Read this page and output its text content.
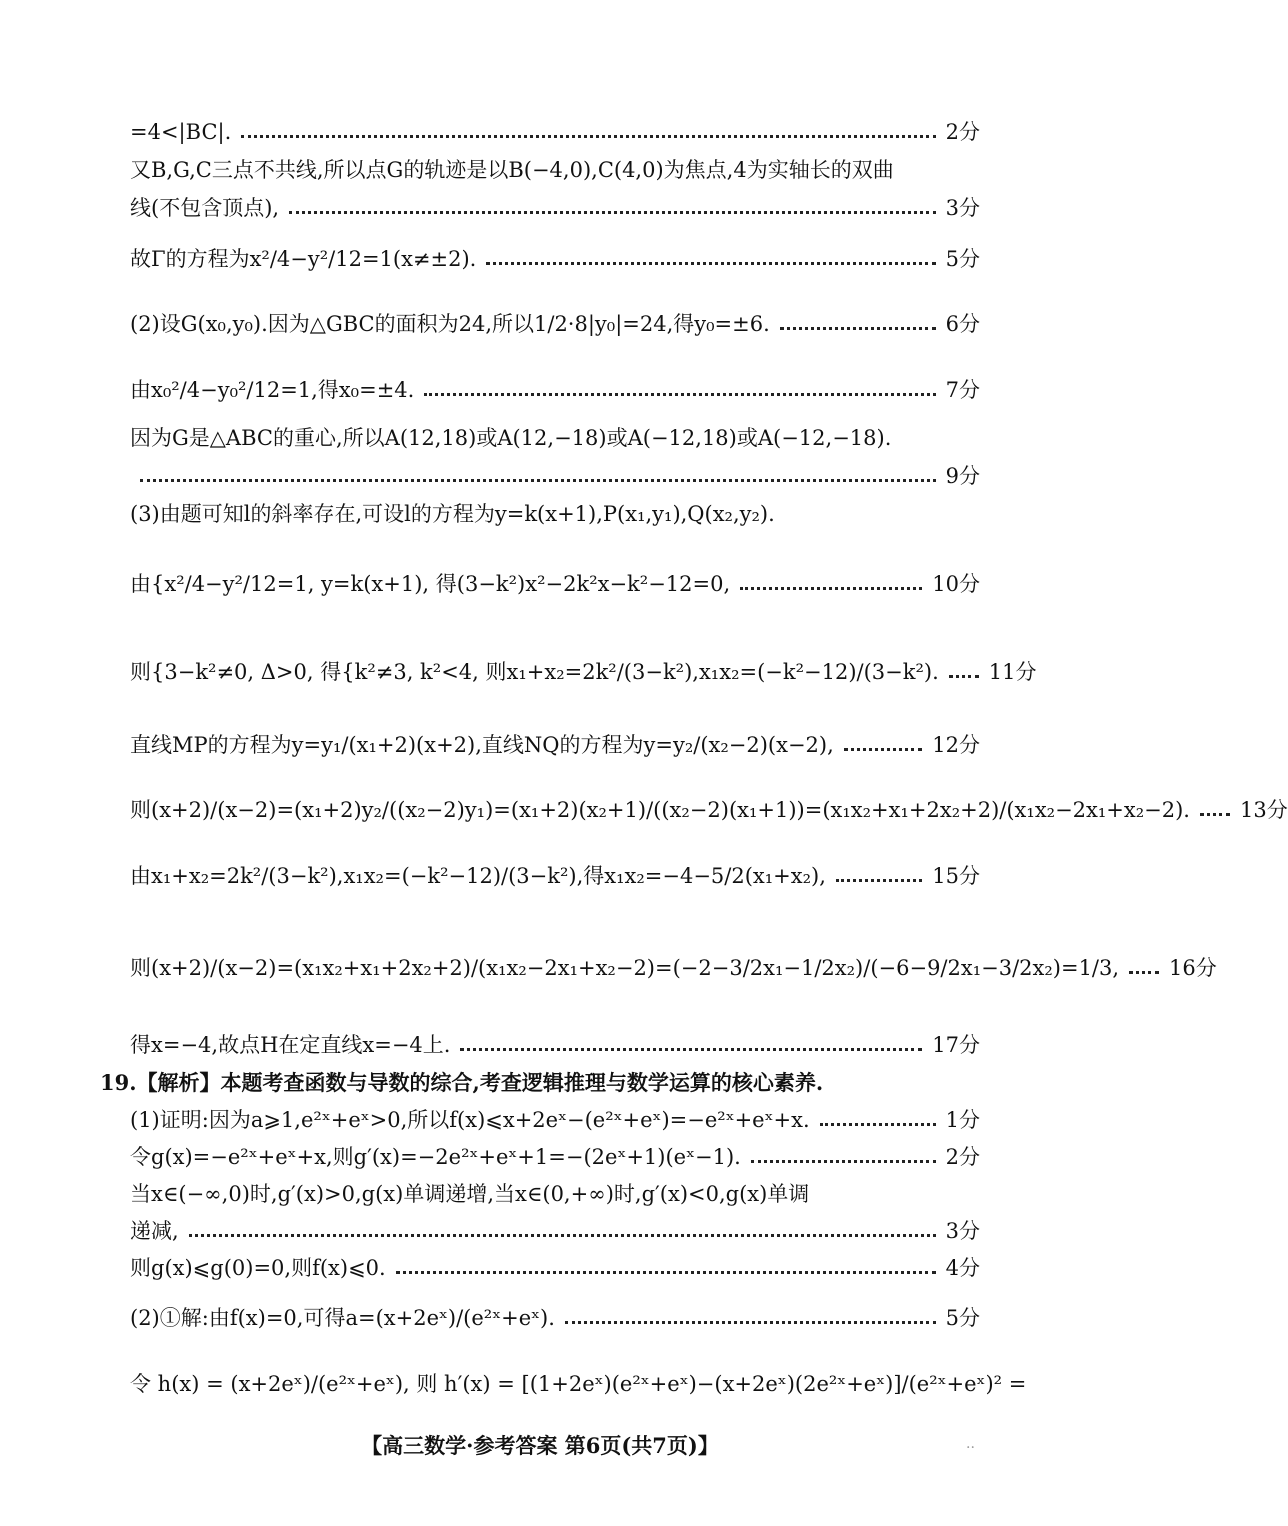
=4<|BC|.	2分
又B,G,C三点不共线,所以点G的轨迹是以B(−4,0),C(4,0)为焦点,4为实轴长的双曲
线(不包含顶点),	3分
故Γ的方程为x²/4−y²/12=1(x≠±2).	5分
(2)设G(x₀,y₀).因为△GBC的面积为24,所以1/2·8|y₀|=24,得y₀=±6.	6分
由x₀²/4−y₀²/12=1,得x₀=±4.	7分
因为G是△ABC的重心,所以A(12,18)或A(12,−18)或A(−12,18)或A(−12,−18).
9分
(3)由题可知l的斜率存在,可设l的方程为y=k(x+1),P(x₁,y₁),Q(x₂,y₂).
由{x²/4−y²/12=1, y=k(x+1), 得(3−k²)x²−2k²x−k²−12=0,	10分
则{3−k²≠0, Δ>0, 得{k²≠3, k²<4, 则x₁+x₂=2k²/(3−k²),x₁x₂=(−k²−12)/(3−k²). 11分
直线MP的方程为y=y₁/(x₁+2)(x+2),直线NQ的方程为y=y₂/(x₂−2)(x−2),	12分
则(x+2)/(x−2)=(x₁+2)y₂/((x₂−2)y₁)=(x₁+2)(x₂+1)/((x₂−2)(x₁+1))=(x₁x₂+x₁+2x₂+2)/(x₁x₂−2x₁+x₂−2). 13分
由x₁+x₂=2k²/(3−k²),x₁x₂=(−k²−12)/(3−k²),得x₁x₂=−4−5/2(x₁+x₂),	15分
则(x+2)/(x−2)=(x₁x₂+x₁+2x₂+2)/(x₁x₂−2x₁+x₂−2)=(−2−3/2x₁−1/2x₂)/(−6−9/2x₁−3/2x₂)=1/3, 16分
得x=−4,故点H在定直线x=−4上.	17分
19.【解析】本题考查函数与导数的综合,考查逻辑推理与数学运算的核心素养.
(1)证明:因为a⩾1,e²ˣ+eˣ>0,所以f(x)⩽x+2eˣ−(e²ˣ+eˣ)=−e²ˣ+eˣ+x.	1分
令g(x)=−e²ˣ+eˣ+x,则g′(x)=−2e²ˣ+eˣ+1=−(2eˣ+1)(eˣ−1).	2分
当x∈(−∞,0)时,g′(x)>0,g(x)单调递增,当x∈(0,+∞)时,g′(x)<0,g(x)单调
递减,	3分
则g(x)⩽g(0)=0,则f(x)⩽0.	4分
(2)①解:由f(x)=0,可得a=(x+2eˣ)/(e²ˣ+eˣ).	5分
令 h(x) = (x+2eˣ)/(e²ˣ+eˣ), 则 h′(x) = [(1+2eˣ)(e²ˣ+eˣ)−(x+2eˣ)(2e²ˣ+eˣ)]/(e²ˣ+eˣ)² =
【高三数学·参考答案 第6页(共7页)】	..
